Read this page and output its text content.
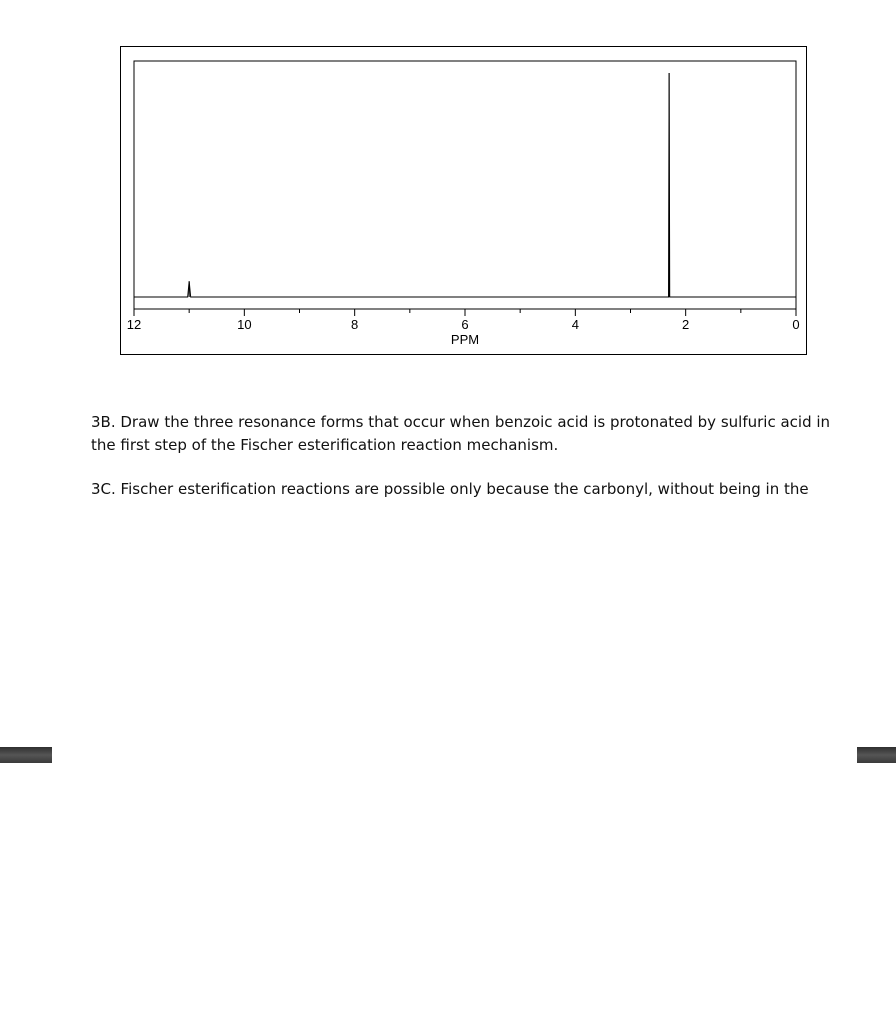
12	10	8	6	4	2	0
PPM
3B. Draw the three resonance forms that occur when benzoic acid is protonated by sulfuric acid in the first step of the Fischer esterification reaction mechanism.
3C. Fischer esterification reactions are possible only because the carbonyl, without being in the
